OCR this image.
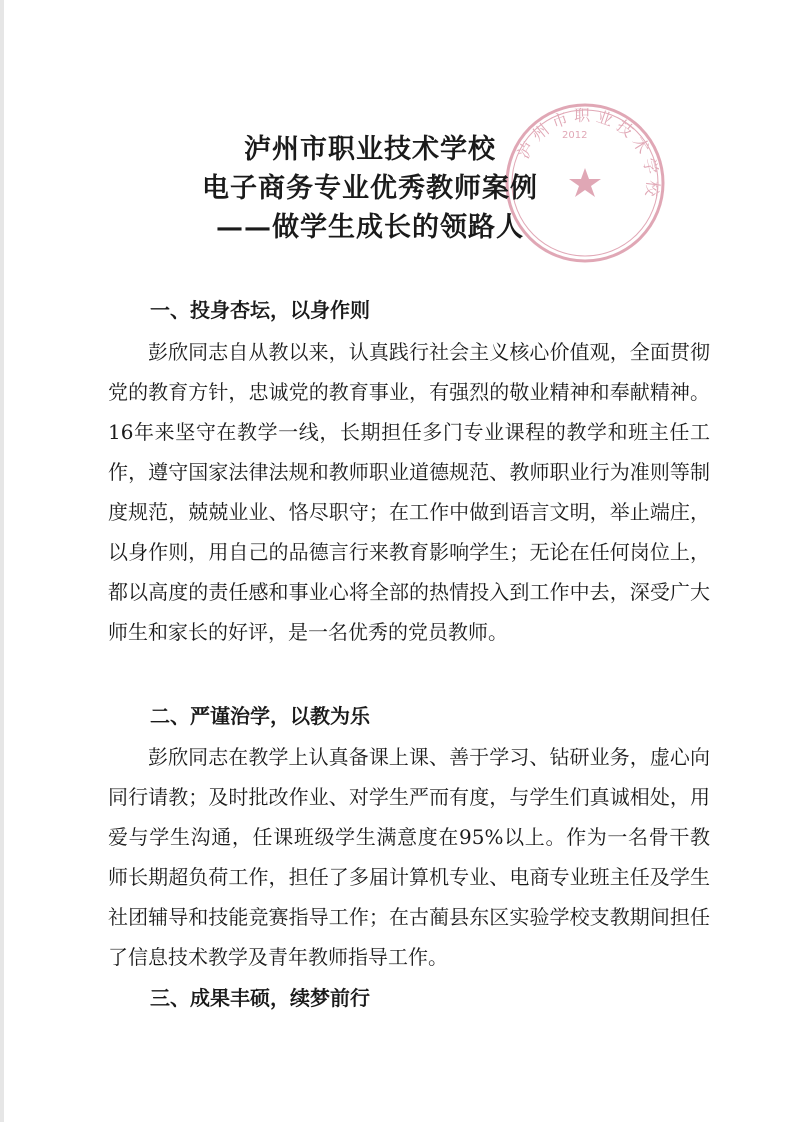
泸州市职业技术学校
2012
泸州市职业技术学校
电子商务专业优秀教师案例
——做学生成长的领路人
一、投身杏坛，以身作则

彭欣同志自从教以来，认真践行社会主义核心价值观，全面贯彻党的教育方针，忠诚党的教育事业，有强烈的敬业精神和奉献精神。16年来坚守在教学一线，长期担任多门专业课程的教学和班主任工作，遵守国家法律法规和教师职业道德规范、教师职业行为准则等制度规范，兢兢业业、恪尽职守；在工作中做到语言文明，举止端庄，以身作则，用自己的品德言行来教育影响学生；无论在任何岗位上，都以高度的责任感和事业心将全部的热情投入到工作中去，深受广大师生和家长的好评，是一名优秀的党员教师。

二、严谨治学，以教为乐

彭欣同志在教学上认真备课上课、善于学习、钻研业务，虚心向同行请教；及时批改作业、对学生严而有度，与学生们真诚相处，用爱与学生沟通，任课班级学生满意度在95%以上。作为一名骨干教师长期超负荷工作，担任了多届计算机专业、电商专业班主任及学生社团辅导和技能竞赛指导工作；在古蔺县东区实验学校支教期间担任了信息技术教学及青年教师指导工作。

三、成果丰硕，续梦前行
